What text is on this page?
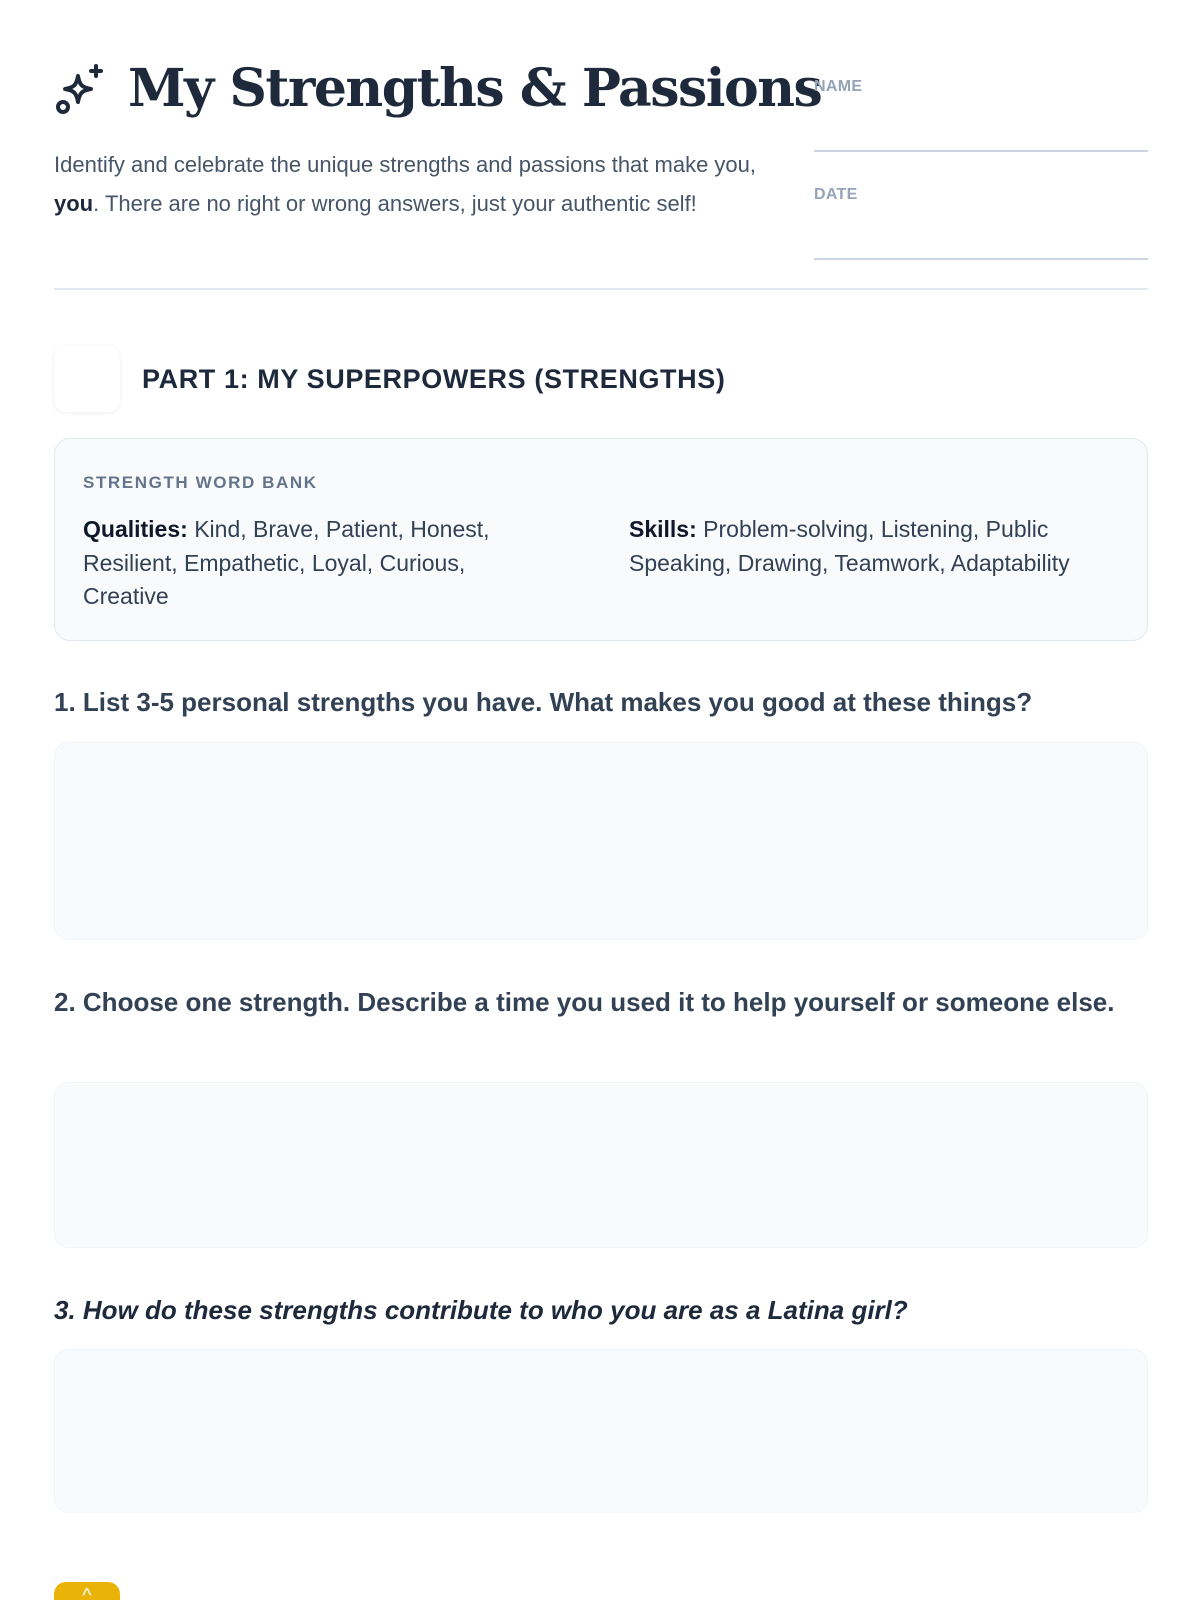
My Strengths & Passions

Identify and celebrate the unique strengths and passions that make you, you. There are no right or wrong answers, just your authentic self!

NAME
DATE
PART 1: MY SUPERPOWERS (STRENGTHS)
STRENGTH WORD BANK
Qualities: Kind, Brave, Patient, Honest, Resilient, Empathetic, Loyal, Curious, Creative
Skills: Problem-solving, Listening, Public Speaking, Drawing, Teamwork, Adaptability
1. List 3-5 personal strengths you have. What makes you good at these things?
2. Choose one strength. Describe a time you used it to help yourself or someone else.
3. How do these strengths contribute to who you are as a Latina girl?
^
